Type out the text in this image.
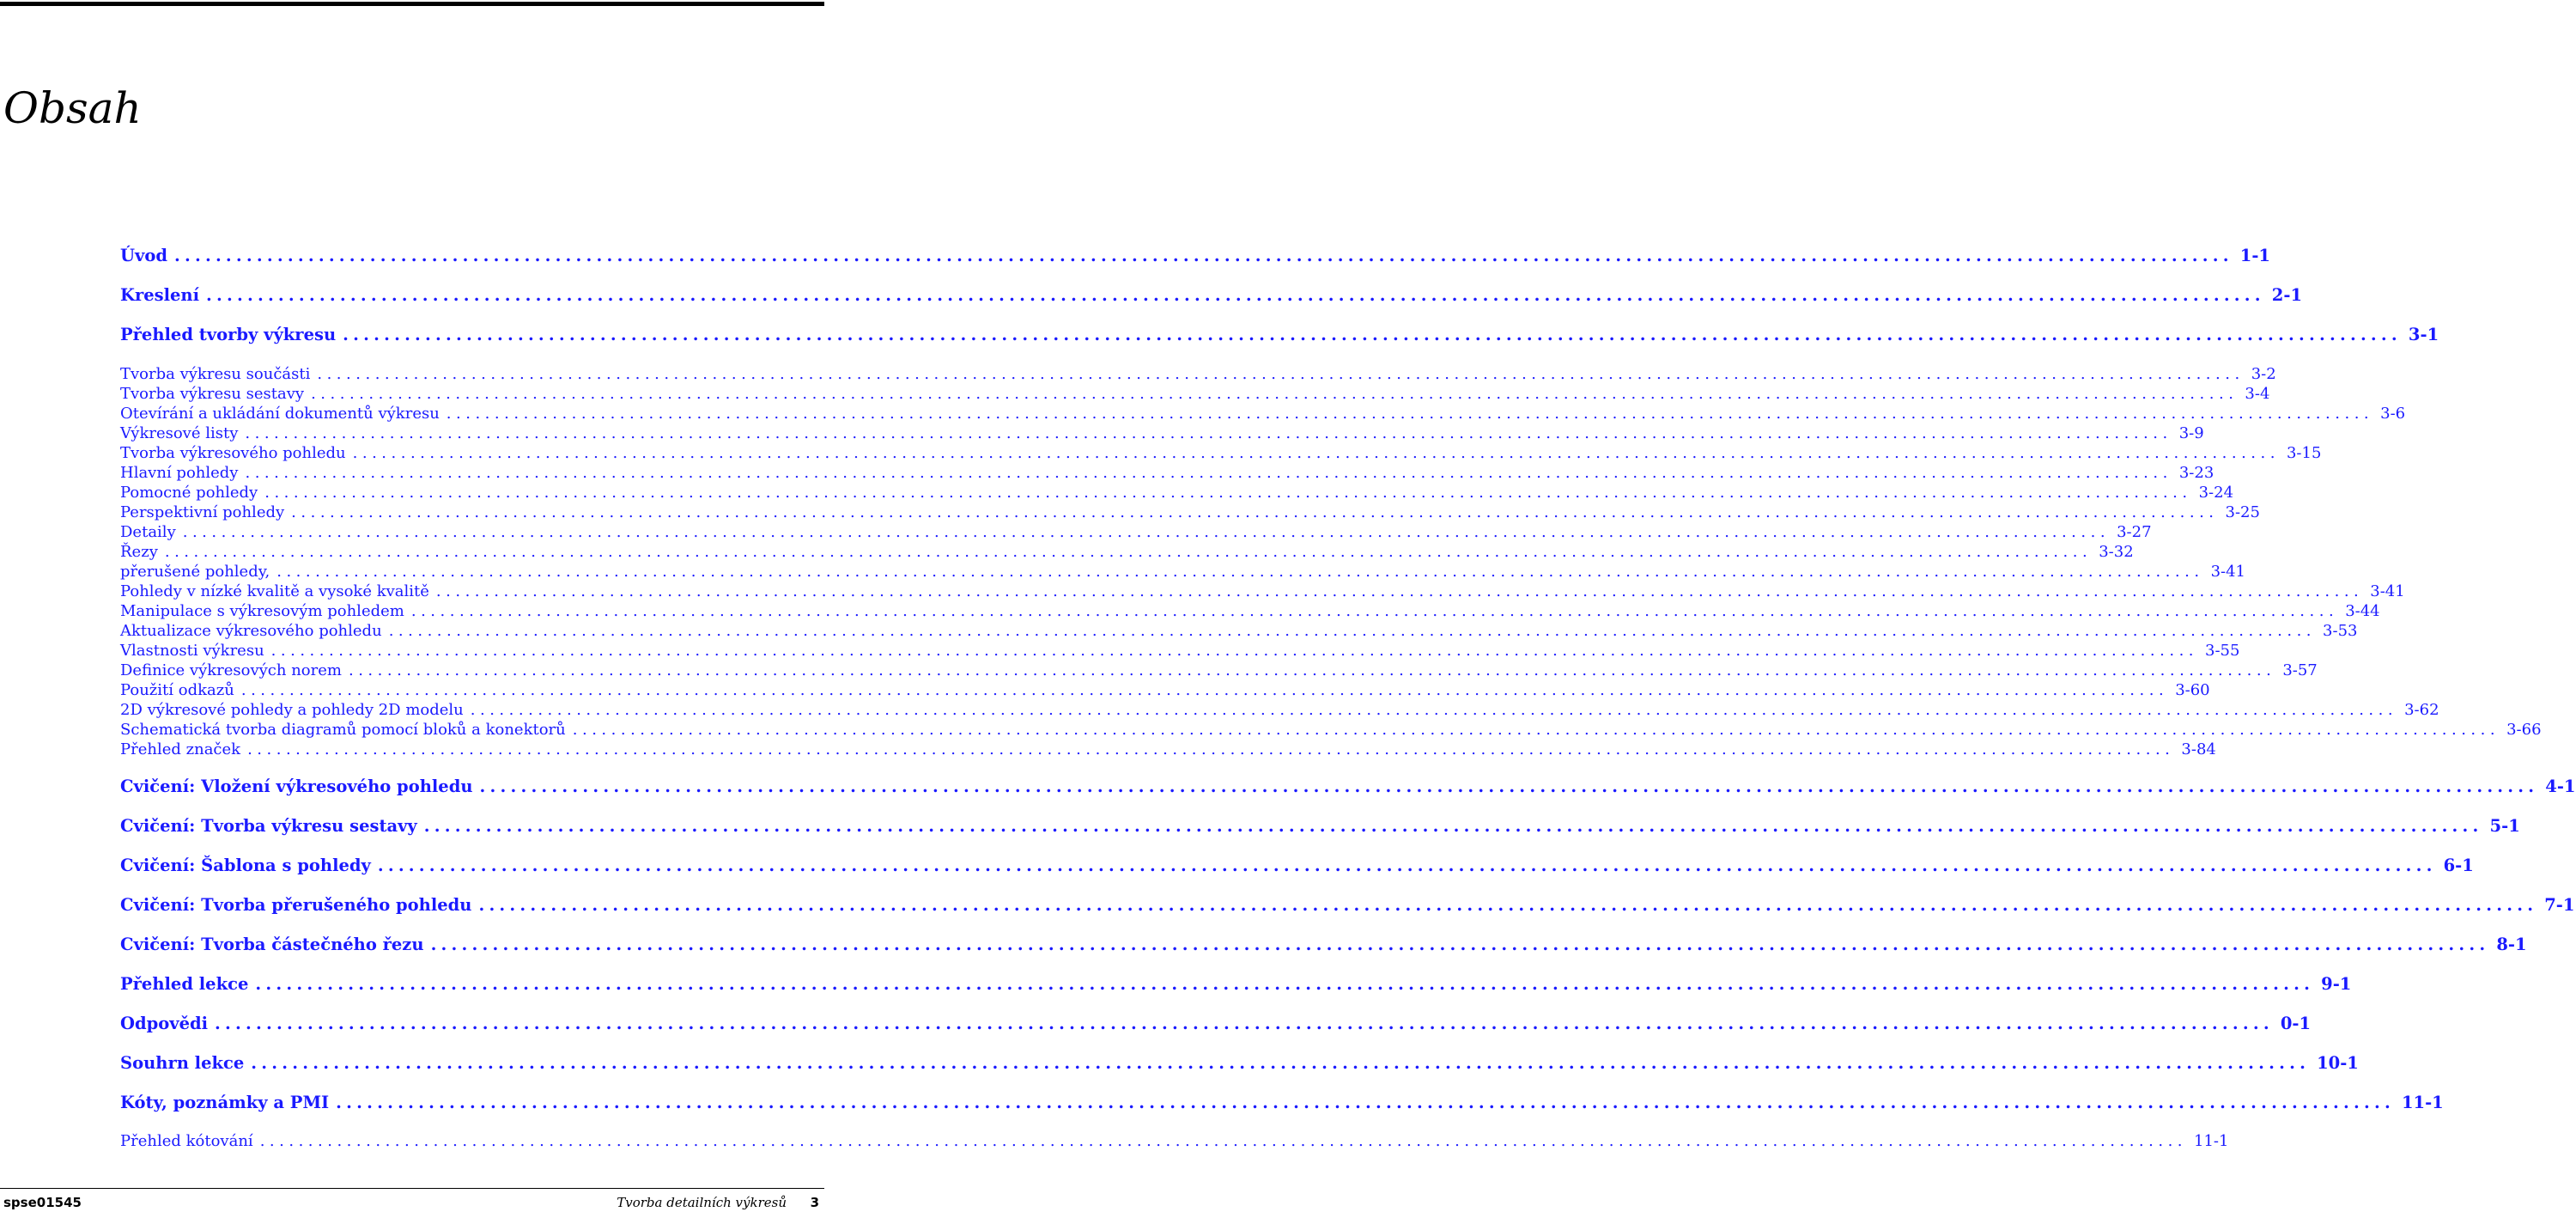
Obsah
Úvod ........................................................................................................................................................................................................ 1-1
Kreslení ........................................................................................................................................................................................................ 2-1
Přehled tvorby výkresu ........................................................................................................................................................................................................ 3-1
Tvorba výkresu součásti ........................................................................................................................................................................................................ 3-2
Tvorba výkresu sestavy ........................................................................................................................................................................................................ 3-4
Otevírání a ukládání dokumentů výkresu ........................................................................................................................................................................................................ 3-6
Výkresové listy ........................................................................................................................................................................................................ 3-9
Tvorba výkresového pohledu ........................................................................................................................................................................................................ 3-15
Hlavní pohledy ........................................................................................................................................................................................................ 3-23
Pomocné pohledy ........................................................................................................................................................................................................ 3-24
Perspektivní pohledy ........................................................................................................................................................................................................ 3-25
Detaily ........................................................................................................................................................................................................ 3-27
Řezy ........................................................................................................................................................................................................ 3-32
přerušené pohledy, ........................................................................................................................................................................................................ 3-41
Pohledy v nízké kvalitě a vysoké kvalitě ........................................................................................................................................................................................................ 3-41
Manipulace s výkresovým pohledem ........................................................................................................................................................................................................ 3-44
Aktualizace výkresového pohledu ........................................................................................................................................................................................................ 3-53
Vlastnosti výkresu ........................................................................................................................................................................................................ 3-55
Definice výkresových norem ........................................................................................................................................................................................................ 3-57
Použití odkazů ........................................................................................................................................................................................................ 3-60
2D výkresové pohledy a pohledy 2D modelu ........................................................................................................................................................................................................ 3-62
Schematická tvorba diagramů pomocí bloků a konektorů ........................................................................................................................................................................................................ 3-66
Přehled značek ........................................................................................................................................................................................................ 3-84
Cvičení: Vložení výkresového pohledu ........................................................................................................................................................................................................ 4-1
Cvičení: Tvorba výkresu sestavy ........................................................................................................................................................................................................ 5-1
Cvičení: Šablona s pohledy ........................................................................................................................................................................................................ 6-1
Cvičení: Tvorba přerušeného pohledu ........................................................................................................................................................................................................ 7-1
Cvičení: Tvorba částečného řezu ........................................................................................................................................................................................................ 8-1
Přehled lekce ........................................................................................................................................................................................................ 9-1
Odpovědi ........................................................................................................................................................................................................ 0-1
Souhrn lekce ........................................................................................................................................................................................................ 10-1
Kóty, poznámky a PMI ........................................................................................................................................................................................................ 11-1
Přehled kótování ........................................................................................................................................................................................................ 11-1
spse01545	Tvorba detailních výkresů 3
